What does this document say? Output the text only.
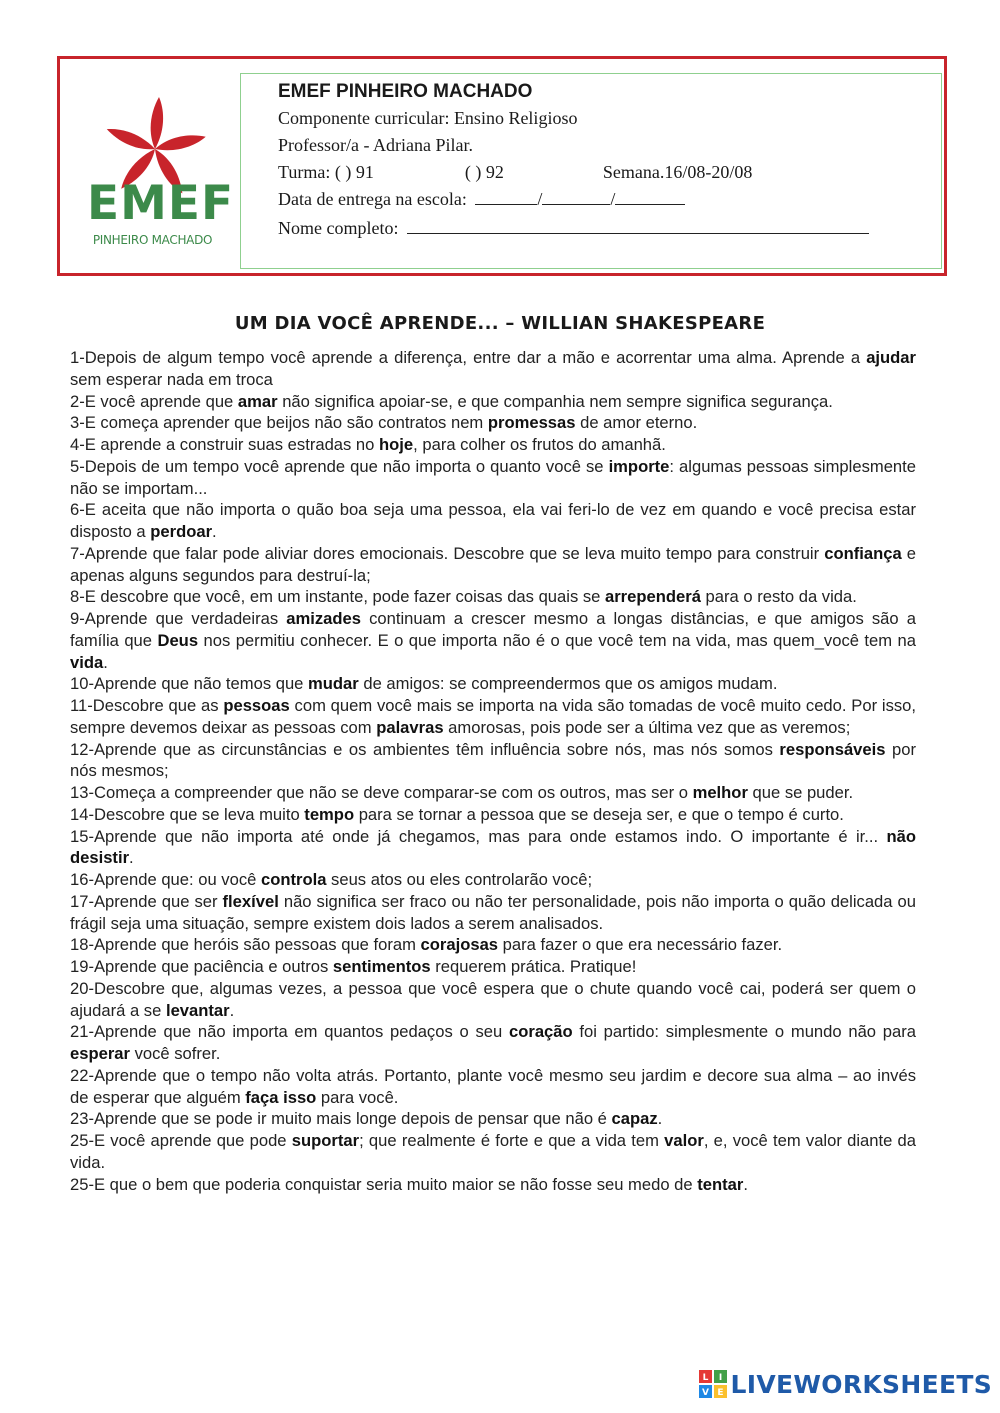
EMEF
PINHEIRO MACHADO
EMEF PINHEIRO MACHADO
Componente curricular: Ensino Religioso
Professor/a - Adriana Pilar.
Turma: ( ) 91	( ) 92	Semana.16/08-20/08
Data de entrega na escola:	/	/
Nome completo:
UM DIA VOCÊ APRENDE... – WILLIAN SHAKESPEARE

1-Depois de algum tempo você aprende a diferença, entre dar a mão e acorrentar uma alma. Aprende a ajudar sem esperar nada em troca

2-E você aprende que amar não significa apoiar-se, e que companhia nem sempre significa segurança.

3-E começa aprender que beijos não são contratos nem promessas de amor eterno.

4-E aprende a construir suas estradas no hoje, para colher os frutos do amanhã.

5-Depois de um tempo você aprende que não importa o quanto você se importe: algumas pessoas simplesmente não se importam...

6-E aceita que não importa o quão boa seja uma pessoa, ela vai feri-lo de vez em quando e você precisa estar disposto a perdoar.

7-Aprende que falar pode aliviar dores emocionais. Descobre que se leva muito tempo para construir confiança e apenas alguns segundos para destruí-la;

8-E descobre que você, em um instante, pode fazer coisas das quais se arrependerá para o resto da vida.

9-Aprende que verdadeiras amizades continuam a crescer mesmo a longas distâncias, e que amigos são a família que Deus nos permitiu conhecer. E o que importa não é o que você tem na vida, mas quem_você tem na vida.

10-Aprende que não temos que mudar de amigos: se compreendermos que os amigos mudam.

11-Descobre que as pessoas com quem você mais se importa na vida são tomadas de você muito cedo. Por isso, sempre devemos deixar as pessoas com palavras amorosas, pois pode ser a última vez que as veremos;

12-Aprende que as circunstâncias e os ambientes têm influência sobre nós, mas nós somos responsáveis por nós mesmos;

13-Começa a compreender que não se deve comparar-se com os outros, mas ser o melhor que se puder.

14-Descobre que se leva muito tempo para se tornar a pessoa que se deseja ser, e que o tempo é curto.

15-Aprende que não importa até onde já chegamos, mas para onde estamos indo. O importante é ir... não desistir.

16-Aprende que: ou você controla seus atos ou eles controlarão você;

17-Aprende que ser flexível não significa ser fraco ou não ter personalidade, pois não importa o quão delicada ou frágil seja uma situação, sempre existem dois lados a serem analisados.

18-Aprende que heróis são pessoas que foram corajosas para fazer o que era necessário fazer.

19-Aprende que paciência e outros sentimentos requerem prática. Pratique!

20-Descobre que, algumas vezes, a pessoa que você espera que o chute quando você cai, poderá ser quem o ajudará a se levantar.

21-Aprende que não importa em quantos pedaços o seu coração foi partido: simplesmente o mundo não para esperar você sofrer.

22-Aprende que o tempo não volta atrás. Portanto, plante você mesmo seu jardim e decore sua alma – ao invés de esperar que alguém faça isso para você.

23-Aprende que se pode ir muito mais longe depois de pensar que não é capaz.

25-E você aprende que pode suportar; que realmente é forte e que a vida tem valor, e, você tem valor diante da vida.

25-E que o bem que poderia conquistar seria muito maior se não fosse seu medo de tentar.

L I
V E LIVEWORKSHEETS
